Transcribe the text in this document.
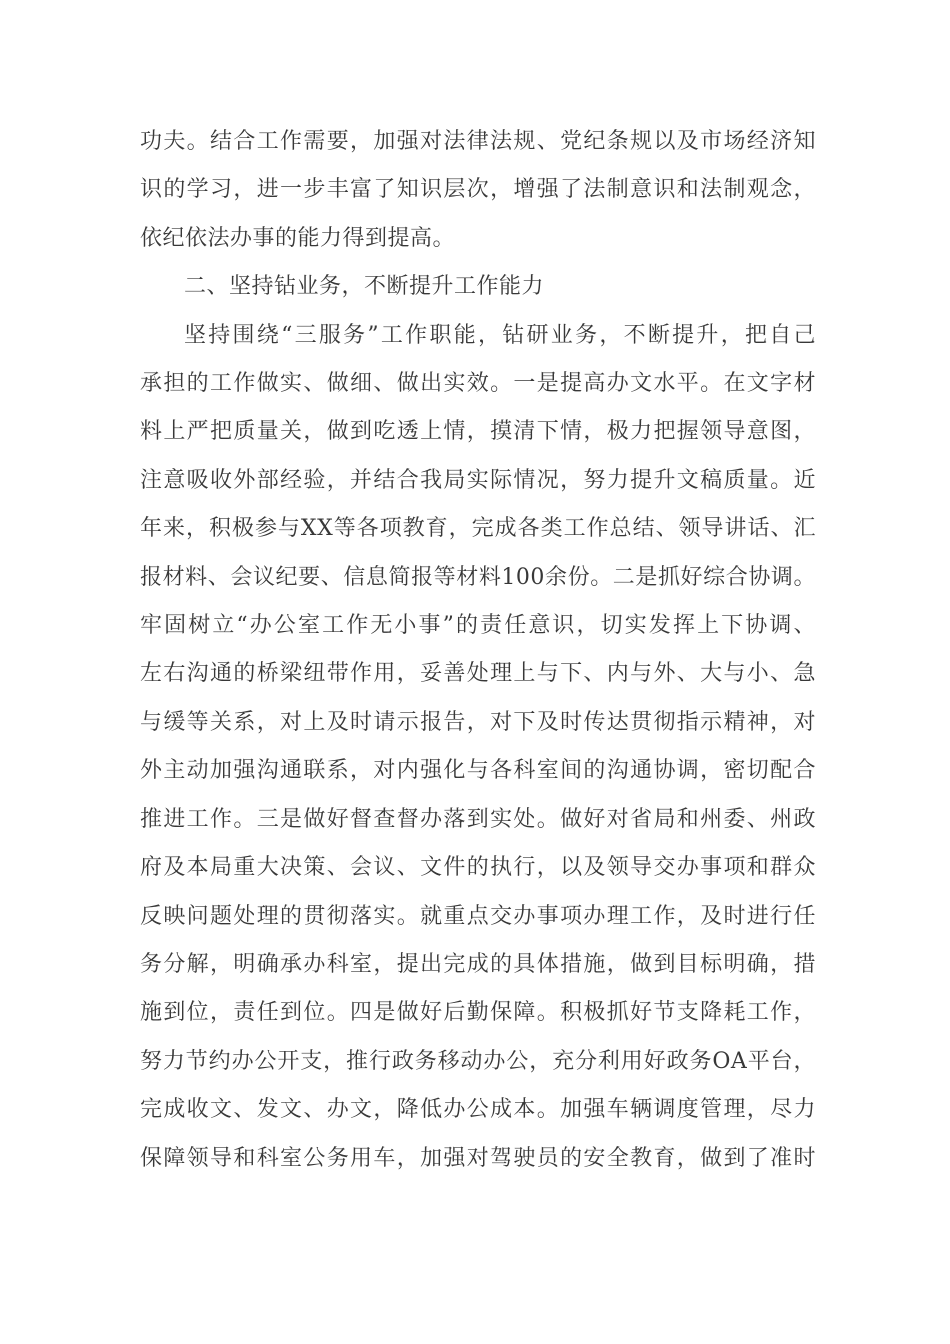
功夫。结合工作需要，加强对法律法规、党纪条规以及市场经济知
识的学习，进一步丰富了知识层次，增强了法制意识和法制观念，
依纪依法办事的能力得到提高。
二、坚持钻业务，不断提升工作能力
坚持围绕“三服务”工作职能，钻研业务，不断提升，把自己
承担的工作做实、做细、做出实效。一是提高办文水平。在文字材
料上严把质量关，做到吃透上情，摸清下情，极力把握领导意图，
注意吸收外部经验，并结合我局实际情况，努力提升文稿质量。近
年来，积极参与XX等各项教育，完成各类工作总结、领导讲话、汇
报材料、会议纪要、信息简报等材料100余份。二是抓好综合协调。
牢固树立“办公室工作无小事”的责任意识，切实发挥上下协调、
左右沟通的桥梁纽带作用，妥善处理上与下、内与外、大与小、急
与缓等关系，对上及时请示报告，对下及时传达贯彻指示精神，对
外主动加强沟通联系，对内强化与各科室间的沟通协调，密切配合
推进工作。三是做好督查督办落到实处。做好对省局和州委、州政
府及本局重大决策、会议、文件的执行，以及领导交办事项和群众
反映问题处理的贯彻落实。就重点交办事项办理工作，及时进行任
务分解，明确承办科室，提出完成的具体措施，做到目标明确，措
施到位，责任到位。四是做好后勤保障。积极抓好节支降耗工作，
努力节约办公开支，推行政务移动办公，充分利用好政务OA平台，
完成收文、发文、办文，降低办公成本。加强车辆调度管理，尽力
保障领导和科室公务用车，加强对驾驶员的安全教育，做到了准时
